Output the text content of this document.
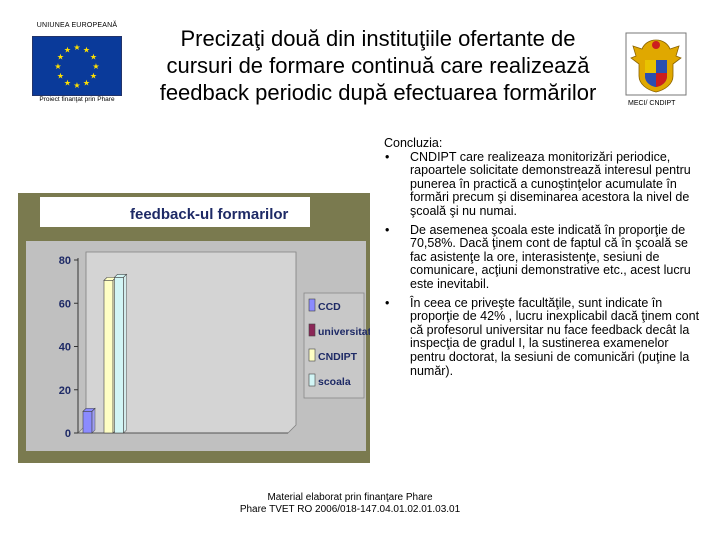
UNIUNEA EUROPEANĂ
★ ★
★
★
★
★
★
★
★
★
★
★
Proiect finanţat prin Phare
Precizaţi două din instituţiile ofertante de
cursuri de formare continuă care realizează
feedback periodic după efectuarea formărilor	MECI/ CNDIPT
feedback-ul formarilor
0
20
40
60
80
CCD
universitati
CNDIPT
scoala
Concluzia:
• CNDIPT care realizeaza monitorizări periodice, rapoartele solicitate demonstrează interesul pentru punerea în practică a cunoştinţelor acumulate în formări precum şi diseminarea acestora la nivel de şcoală şi nu numai.
• De asemenea şcoala este indicată în proporţie de 70,58%. Dacă ţinem cont de faptul că în şcoală se fac asistenţe la ore, interasistenţe, sesiuni de comunicare, acţiuni demonstrative etc., acest lucru este inevitabil.
• În ceea ce priveşte facultăţile, sunt indicate în proporţie de 42% , lucru inexplicabil dacă ţinem cont că profesorul universitar nu face feedback decât la inspecţia de gradul I, la sustinerea examenelor pentru doctorat, la sesiuni de comunicări (puţine la număr).
Material elaborat prin finanţare Phare
Phare TVET RO 2006/018-147.04.01.02.01.03.01
